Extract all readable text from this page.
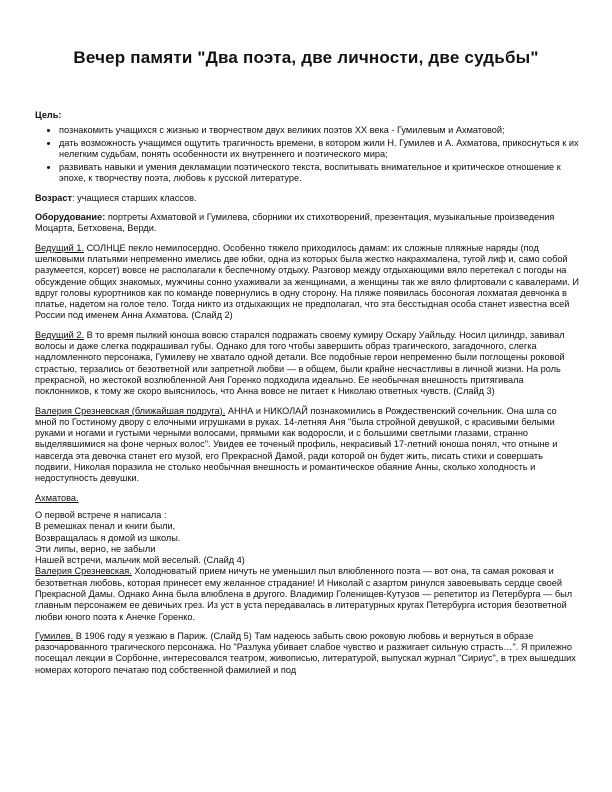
Вечер памяти "Два поэта, две личности, две судьбы"

Цель:

• познакомить учащихся с жизнью и творчеством двух великих поэтов XX века - Гумилевым и Ахматовой;
• дать возможность учащимся ощутить трагичность времени, в котором жили Н. Гумилев и А. Ахматова, прикоснуться к их нелегким судьбам, понять особенности их внутреннего и поэтического мира;
• развивать навыки и умения декламации поэтического текста, воспитывать внимательное и критическое отношение к эпохе, к творчеству поэта, любовь к русской литературе.

Возраст: учащиеся старших классов.

Оборудование: портреты Ахматовой и Гумилева, сборники их стихотворений, презентация, музыкальные произведения Моцарта, Бетховена, Верди.

Ведущий 1. СОЛНЦЕ пекло немилосердно. Особенно тяжело приходилось дамам: их сложные пляжные наряды (под шелковыми платьями непременно имелись две юбки, одна из которых была жестко накрахмалена, тугой лиф и, само собой разумеется, корсет) вовсе не располагали к беспечному отдыху. Разговор между отдыхающими вяло перетекал с погоды на обсуждение общих знакомых, мужчины сонно ухаживали за женщинами, а женщины так же вяло флиртовали с кавалерами. И вдруг головы курортников как по команде повернулись в одну сторону. На пляже появилась босоногая лохматая девчонка в платье, надетом на голое тело. Тогда никто из отдыхающих не предполагал, что эта бесстыдная особа станет известна всей России под именем Анна Ахматова. (Слайд 2)

Ведущий 2. В то время пылкий юноша вовсю старался подражать своему кумиру Оскару Уайльду. Носил цилиндр, завивал волосы и даже слегка подкрашивал губы. Однако для того чтобы завершить образ трагического, загадочного, слегка надломленного персонажа, Гумилеву не хватало одной детали. Все подобные герои непременно были поглощены роковой страстью, терзались от безответной или запретной любви — в общем, были крайне несчастливы в личной жизни. На роль прекрасной, но жестокой возлюбленной Аня Горенко подходила идеально. Ее необычная внешность притягивала поклонников, к тому же скоро выяснилось, что Анна вовсе не питает к Николаю ответных чувств. (Слайд 3)

Валерия Срезневская (ближайшая подруга). АННА и НИКОЛАЙ познакомились в Рождественский сочельник. Она шла со мной по Гостиному двору с елочными игрушками в руках. 14-летняя Аня "была стройной девушкой, с красивыми белыми руками и ногами и густыми черными волосами, прямыми как водоросли, и с большими светлыми глазами, странно выделявшимися на фоне черных волос". Увидев ее точеный профиль, некрасивый 17-летний юноша понял, что отныне и навсегда эта девочка станет его музой, его Прекрасной Дамой, ради которой он будет жить, писать стихи и совершать подвиги. Николая поразила не столько необычная внешность и романтическое обаяние Анны, сколько холодность и недоступность девушки.

Ахматова.

О первой встрече я написала :

В ремешках пенал и книги были,

Возвращалась я домой из школы.

Эти липы, верно, не забыли

Нашей встречи, мальчик мой веселый. (Слайд 4)

Валерия Срезневская. Холодноватый прием ничуть не уменьшил пыл влюбленного поэта — вот она, та самая роковая и безответная любовь, которая принесет ему желанное страдание! И Николай с азартом ринулся завоевывать сердце своей Прекрасной Дамы. Однако Анна была влюблена в другого. Владимир Голенищев-Кутузов — репетитор из Петербурга — был главным персонажем ее девичьих грез. Из уст в уста передавалась в литературных кругах Петербурга история безответной любви юного поэта к Анечке Горенко.

Гумилев. В 1906 году я уезжаю в Париж. (Слайд 5) Там надеюсь забыть свою роковую любовь и вернуться в образе разочарованного трагического персонажа. Но "Разлука убивает слабое чувство и разжигает сильную страсть…". Я прилежно посещал лекции в Сорбонне, интересовался театром, живописью, литературой, выпускал журнал "Сириус", в трех вышедших номерах которого печатаю под собственной фамилией и под
